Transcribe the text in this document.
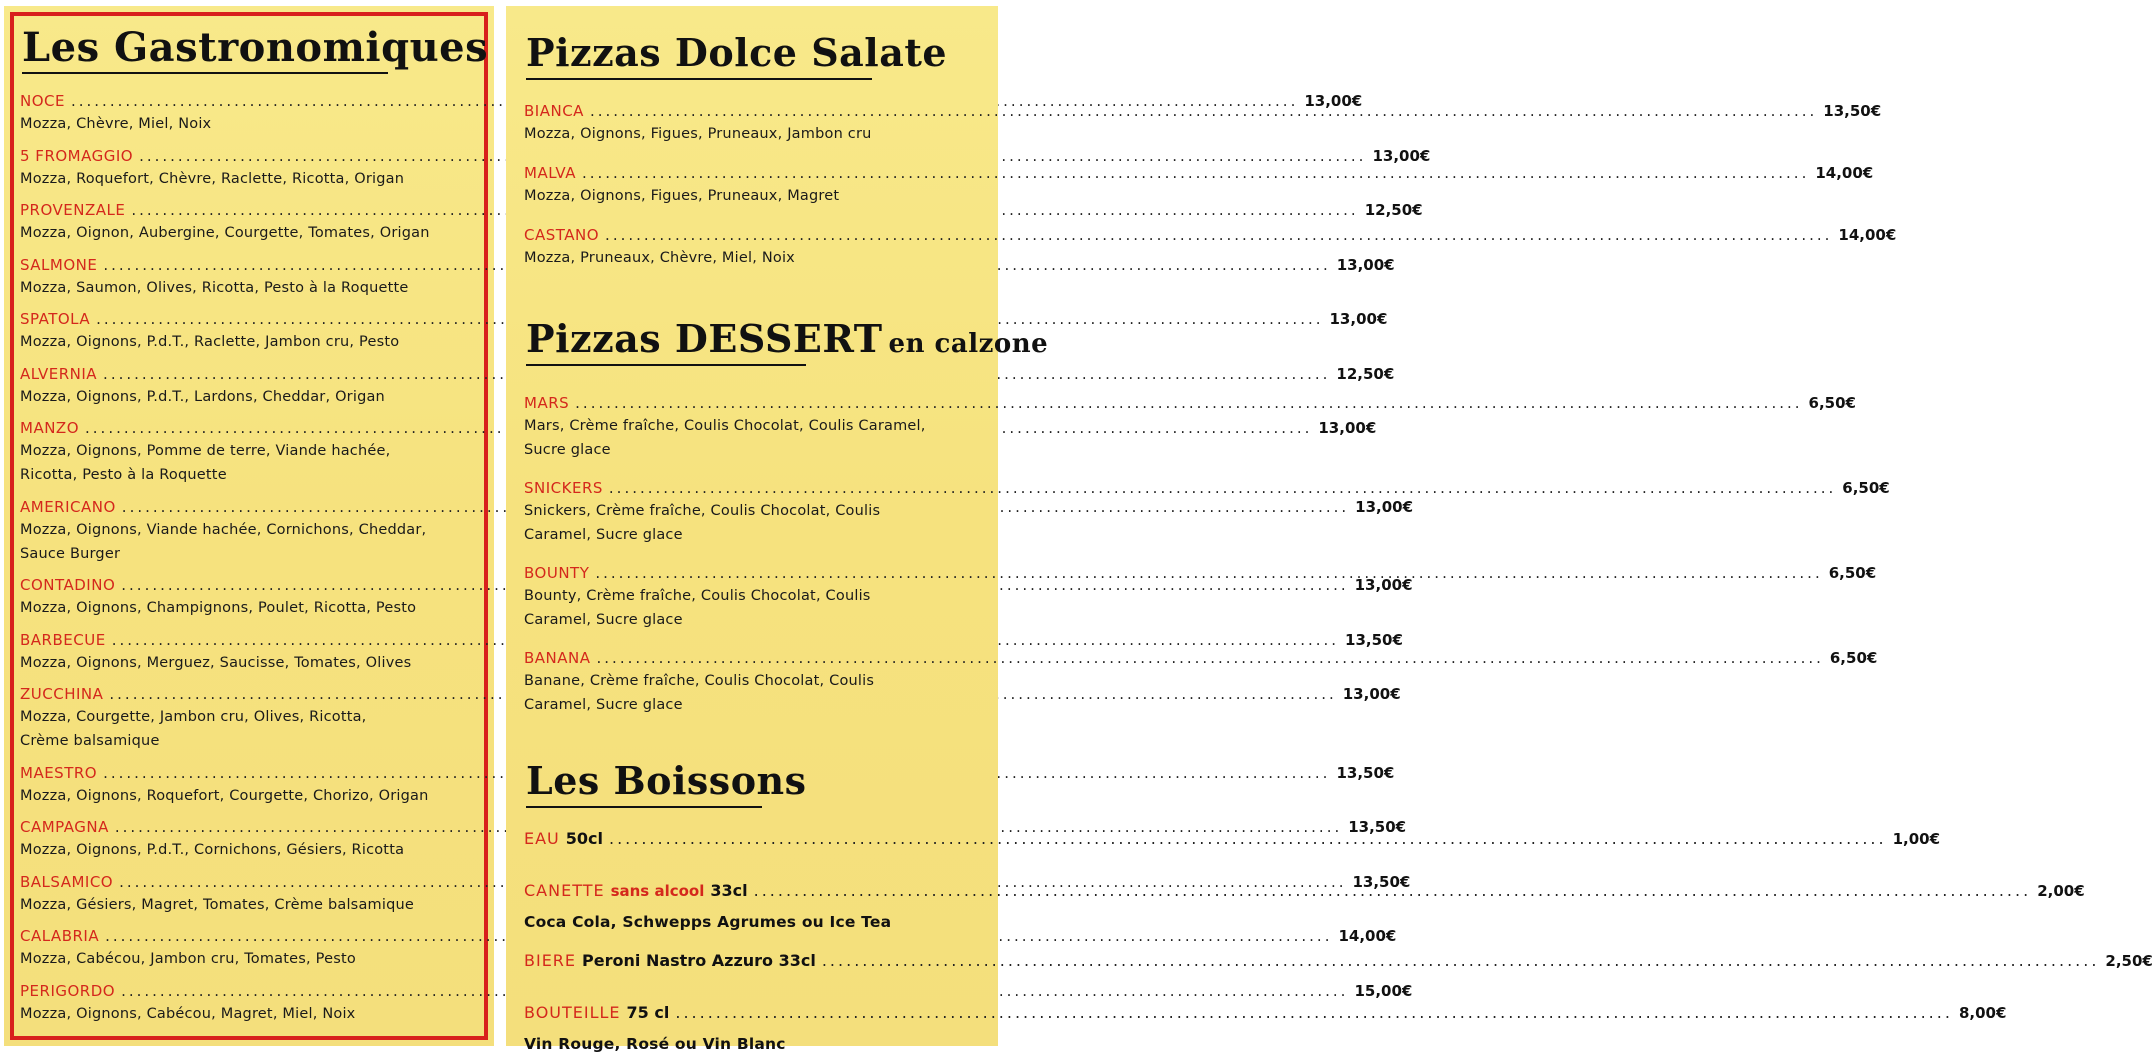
Les Gastronomiques
NOCE .....	13,00€
Mozza, Chèvre, Miel, Noix
5 FROMAGGIO .....	13,00€
Mozza, Roquefort, Chèvre, Raclette, Ricotta, Origan
PROVENZALE .....	12,50€
Mozza, Oignon, Aubergine, Courgette, Tomates, Origan
SALMONE .....	13,00€
Mozza, Saumon, Olives, Ricotta, Pesto à la Roquette
SPATOLA .....	13,00€
Mozza, Oignons, P.d.T., Raclette, Jambon cru, Pesto
ALVERNIA .....	12,50€
Mozza, Oignons, P.d.T., Lardons, Cheddar, Origan
MANZO .....	13,00€
Mozza, Oignons, Pomme de terre, Viande hachée,
Ricotta, Pesto à la Roquette
AMERICANO .....	13,00€
Mozza, Oignons, Viande hachée, Cornichons, Cheddar,
Sauce Burger
CONTADINO .....	13,00€
Mozza, Oignons, Champignons, Poulet, Ricotta, Pesto
BARBECUE .....	13,50€
Mozza, Oignons, Merguez, Saucisse, Tomates, Olives
ZUCCHINA .....	13,00€
Mozza, Courgette, Jambon cru, Olives, Ricotta,
Crème balsamique
MAESTRO .....	13,50€
Mozza, Oignons, Roquefort, Courgette, Chorizo, Origan
CAMPAGNA .....	13,50€
Mozza, Oignons, P.d.T., Cornichons, Gésiers, Ricotta
BALSAMICO .....	13,50€
Mozza, Gésiers, Magret, Tomates, Crème balsamique
CALABRIA .....	14,00€
Mozza, Cabécou, Jambon cru, Tomates, Pesto
PERIGORDO .....	15,00€
Mozza, Oignons, Cabécou, Magret, Miel, Noix
Pizzas Dolce Salate
BIANCA .....	13,50€
Mozza, Oignons, Figues, Pruneaux, Jambon cru
MALVA .....	14,00€
Mozza, Oignons, Figues, Pruneaux, Magret
CASTANO .....	14,00€
Mozza, Pruneaux, Chèvre, Miel, Noix
Pizzas DESSERT en calzone
MARS .....	6,50€
Mars, Crème fraîche, Coulis Chocolat, Coulis Caramel,
Sucre glace
SNICKERS .....	6,50€
Snickers, Crème fraîche, Coulis Chocolat, Coulis
Caramel, Sucre glace
BOUNTY .....	6,50€
Bounty, Crème fraîche, Coulis Chocolat, Coulis
Caramel, Sucre glace
BANANA .....	6,50€
Banane, Crème fraîche, Coulis Chocolat, Coulis
Caramel, Sucre glace
Les Boissons
EAU 50cl .....	1,00€
CANETTE sans alcool 33cl .....	2,00€
Coca Cola, Schwepps Agrumes ou Ice Tea
BIERE Peroni Nastro Azzuro 33cl .....	2,50€
BOUTEILLE 75 cl .....	8,00€
Vin Rouge, Rosé ou Vin Blanc
